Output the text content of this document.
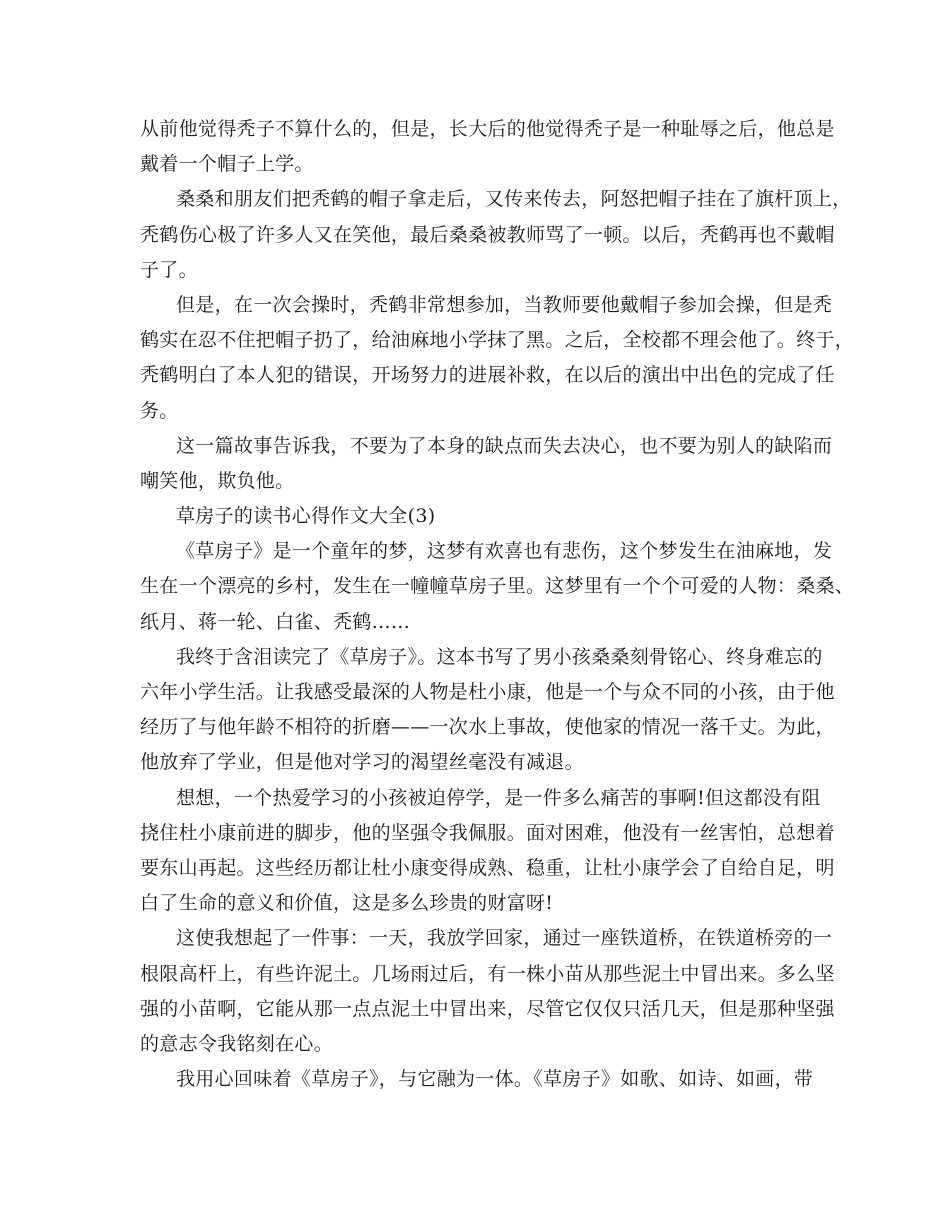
从前他觉得秃子不算什么的，但是，长大后的他觉得秃子是一种耻辱之后，他总是
戴着一个帽子上学。
桑桑和朋友们把秃鹤的帽子拿走后，又传来传去，阿怒把帽子挂在了旗杆顶上，
秃鹤伤心极了许多人又在笑他，最后桑桑被教师骂了一顿。以后，秃鹤再也不戴帽
子了。
但是，在一次会操时，秃鹤非常想参加，当教师要他戴帽子参加会操，但是秃
鹤实在忍不住把帽子扔了，给油麻地小学抹了黑。之后，全校都不理会他了。终于，
秃鹤明白了本人犯的错误，开场努力的进展补救，在以后的演出中出色的完成了任
务。
这一篇故事告诉我，不要为了本身的缺点而失去决心，也不要为别人的缺陷而
嘲笑他，欺负他。
草房子的读书心得作文大全(3)
《草房子》是一个童年的梦，这梦有欢喜也有悲伤，这个梦发生在油麻地，发
生在一个漂亮的乡村，发生在一幢幢草房子里。这梦里有一个个可爱的人物：桑桑、
纸月、蒋一轮、白雀、秃鹤……
我终于含泪读完了《草房子》。这本书写了男小孩桑桑刻骨铭心、终身难忘的
六年小学生活。让我感受最深的人物是杜小康，他是一个与众不同的小孩，由于他
经历了与他年龄不相符的折磨——一次水上事故，使他家的情况一落千丈。为此，
他放弃了学业，但是他对学习的渴望丝毫没有减退。
想想，一个热爱学习的小孩被迫停学，是一件多么痛苦的事啊!但这都没有阻
挠住杜小康前进的脚步，他的坚强令我佩服。面对困难，他没有一丝害怕，总想着
要东山再起。这些经历都让杜小康变得成熟、稳重，让杜小康学会了自给自足，明
白了生命的意义和价值，这是多么珍贵的财富呀!
这使我想起了一件事：一天，我放学回家，通过一座铁道桥，在铁道桥旁的一
根限高杆上，有些许泥土。几场雨过后，有一株小苗从那些泥土中冒出来。多么坚
强的小苗啊，它能从那一点点泥土中冒出来，尽管它仅仅只活几天，但是那种坚强
的意志令我铭刻在心。
我用心回味着《草房子》，与它融为一体。《草房子》如歌、如诗、如画，带
